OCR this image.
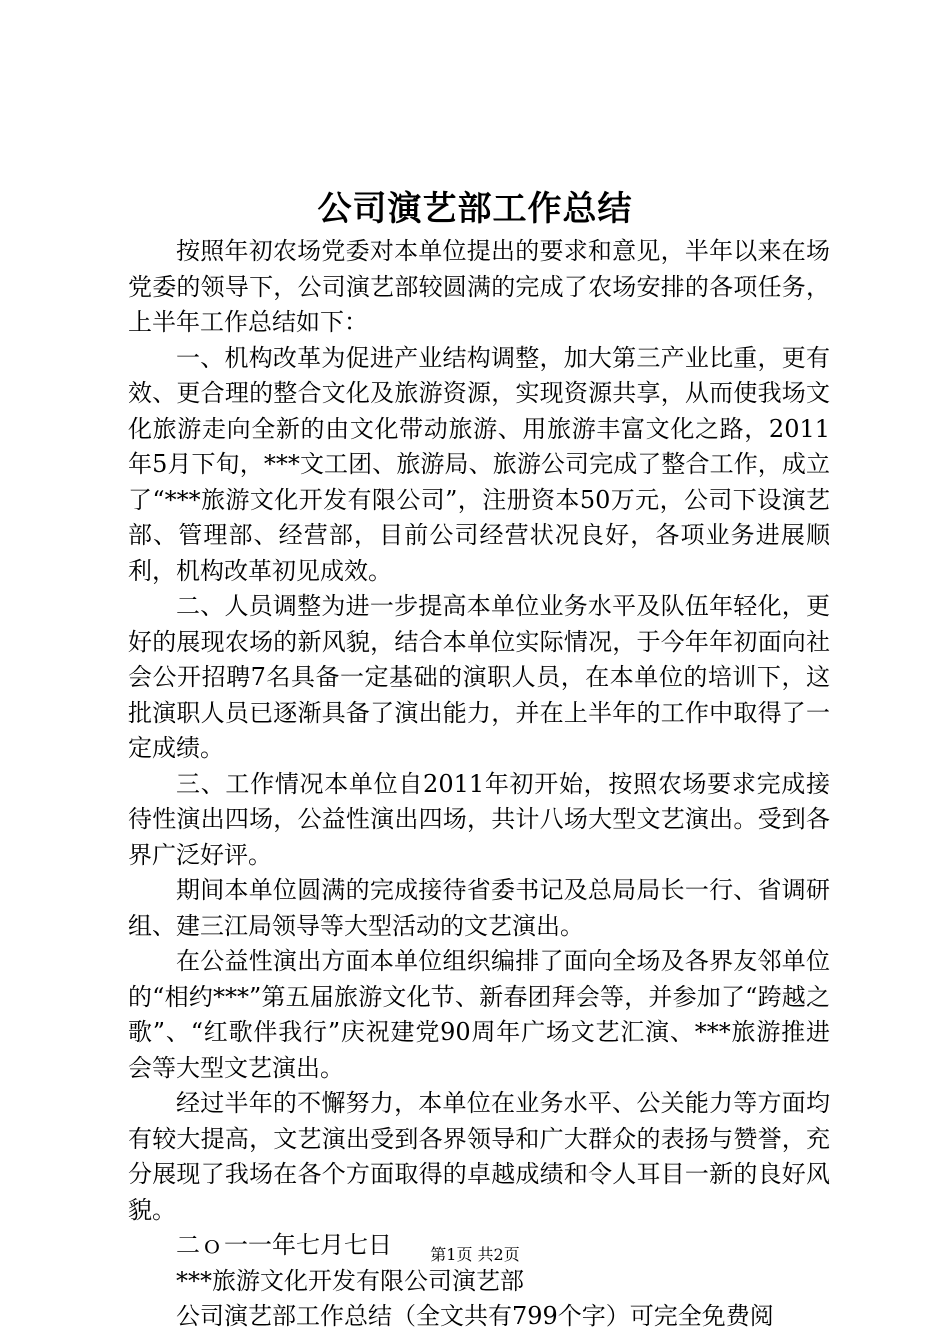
公司演艺部工作总结

按照年初农场党委对本单位提出的要求和意见，半年以来在场党委的领导下，公司演艺部较圆满的完成了农场安排的各项任务，上半年工作总结如下：

一、机构改革为促进产业结构调整，加大第三产业比重，更有效、更合理的整合文化及旅游资源，实现资源共享，从而使我场文化旅游走向全新的由文化带动旅游、用旅游丰富文化之路，2011年5月下旬，***文工团、旅游局、旅游公司完成了整合工作，成立了“***旅游文化开发有限公司”，注册资本50万元，公司下设演艺部、管理部、经营部，目前公司经营状况良好，各项业务进展顺利，机构改革初见成效。

二、人员调整为进一步提高本单位业务水平及队伍年轻化，更好的展现农场的新风貌，结合本单位实际情况，于今年年初面向社会公开招聘7名具备一定基础的演职人员，在本单位的培训下，这批演职人员已逐渐具备了演出能力，并在上半年的工作中取得了一定成绩。

三、工作情况本单位自2011年初开始，按照农场要求完成接待性演出四场，公益性演出四场，共计八场大型文艺演出。受到各界广泛好评。

期间本单位圆满的完成接待省委书记及总局局长一行、省调研组、建三江局领导等大型活动的文艺演出。

在公益性演出方面本单位组织编排了面向全场及各界友邻单位的“相约***”第五届旅游文化节、新春团拜会等，并参加了“跨越之歌”、“红歌伴我行”庆祝建党90周年广场文艺汇演、***旅游推进会等大型文艺演出。

经过半年的不懈努力，本单位在业务水平、公关能力等方面均有较大提高，文艺演出受到各界领导和广大群众的表扬与赞誉，充分展现了我场在各个方面取得的卓越成绩和令人耳目一新的良好风貌。

二ｏ一一年七月七日

***旅游文化开发有限公司演艺部

公司演艺部工作总结（全文共有799个字）可完全免费阅

第1页 共2页
